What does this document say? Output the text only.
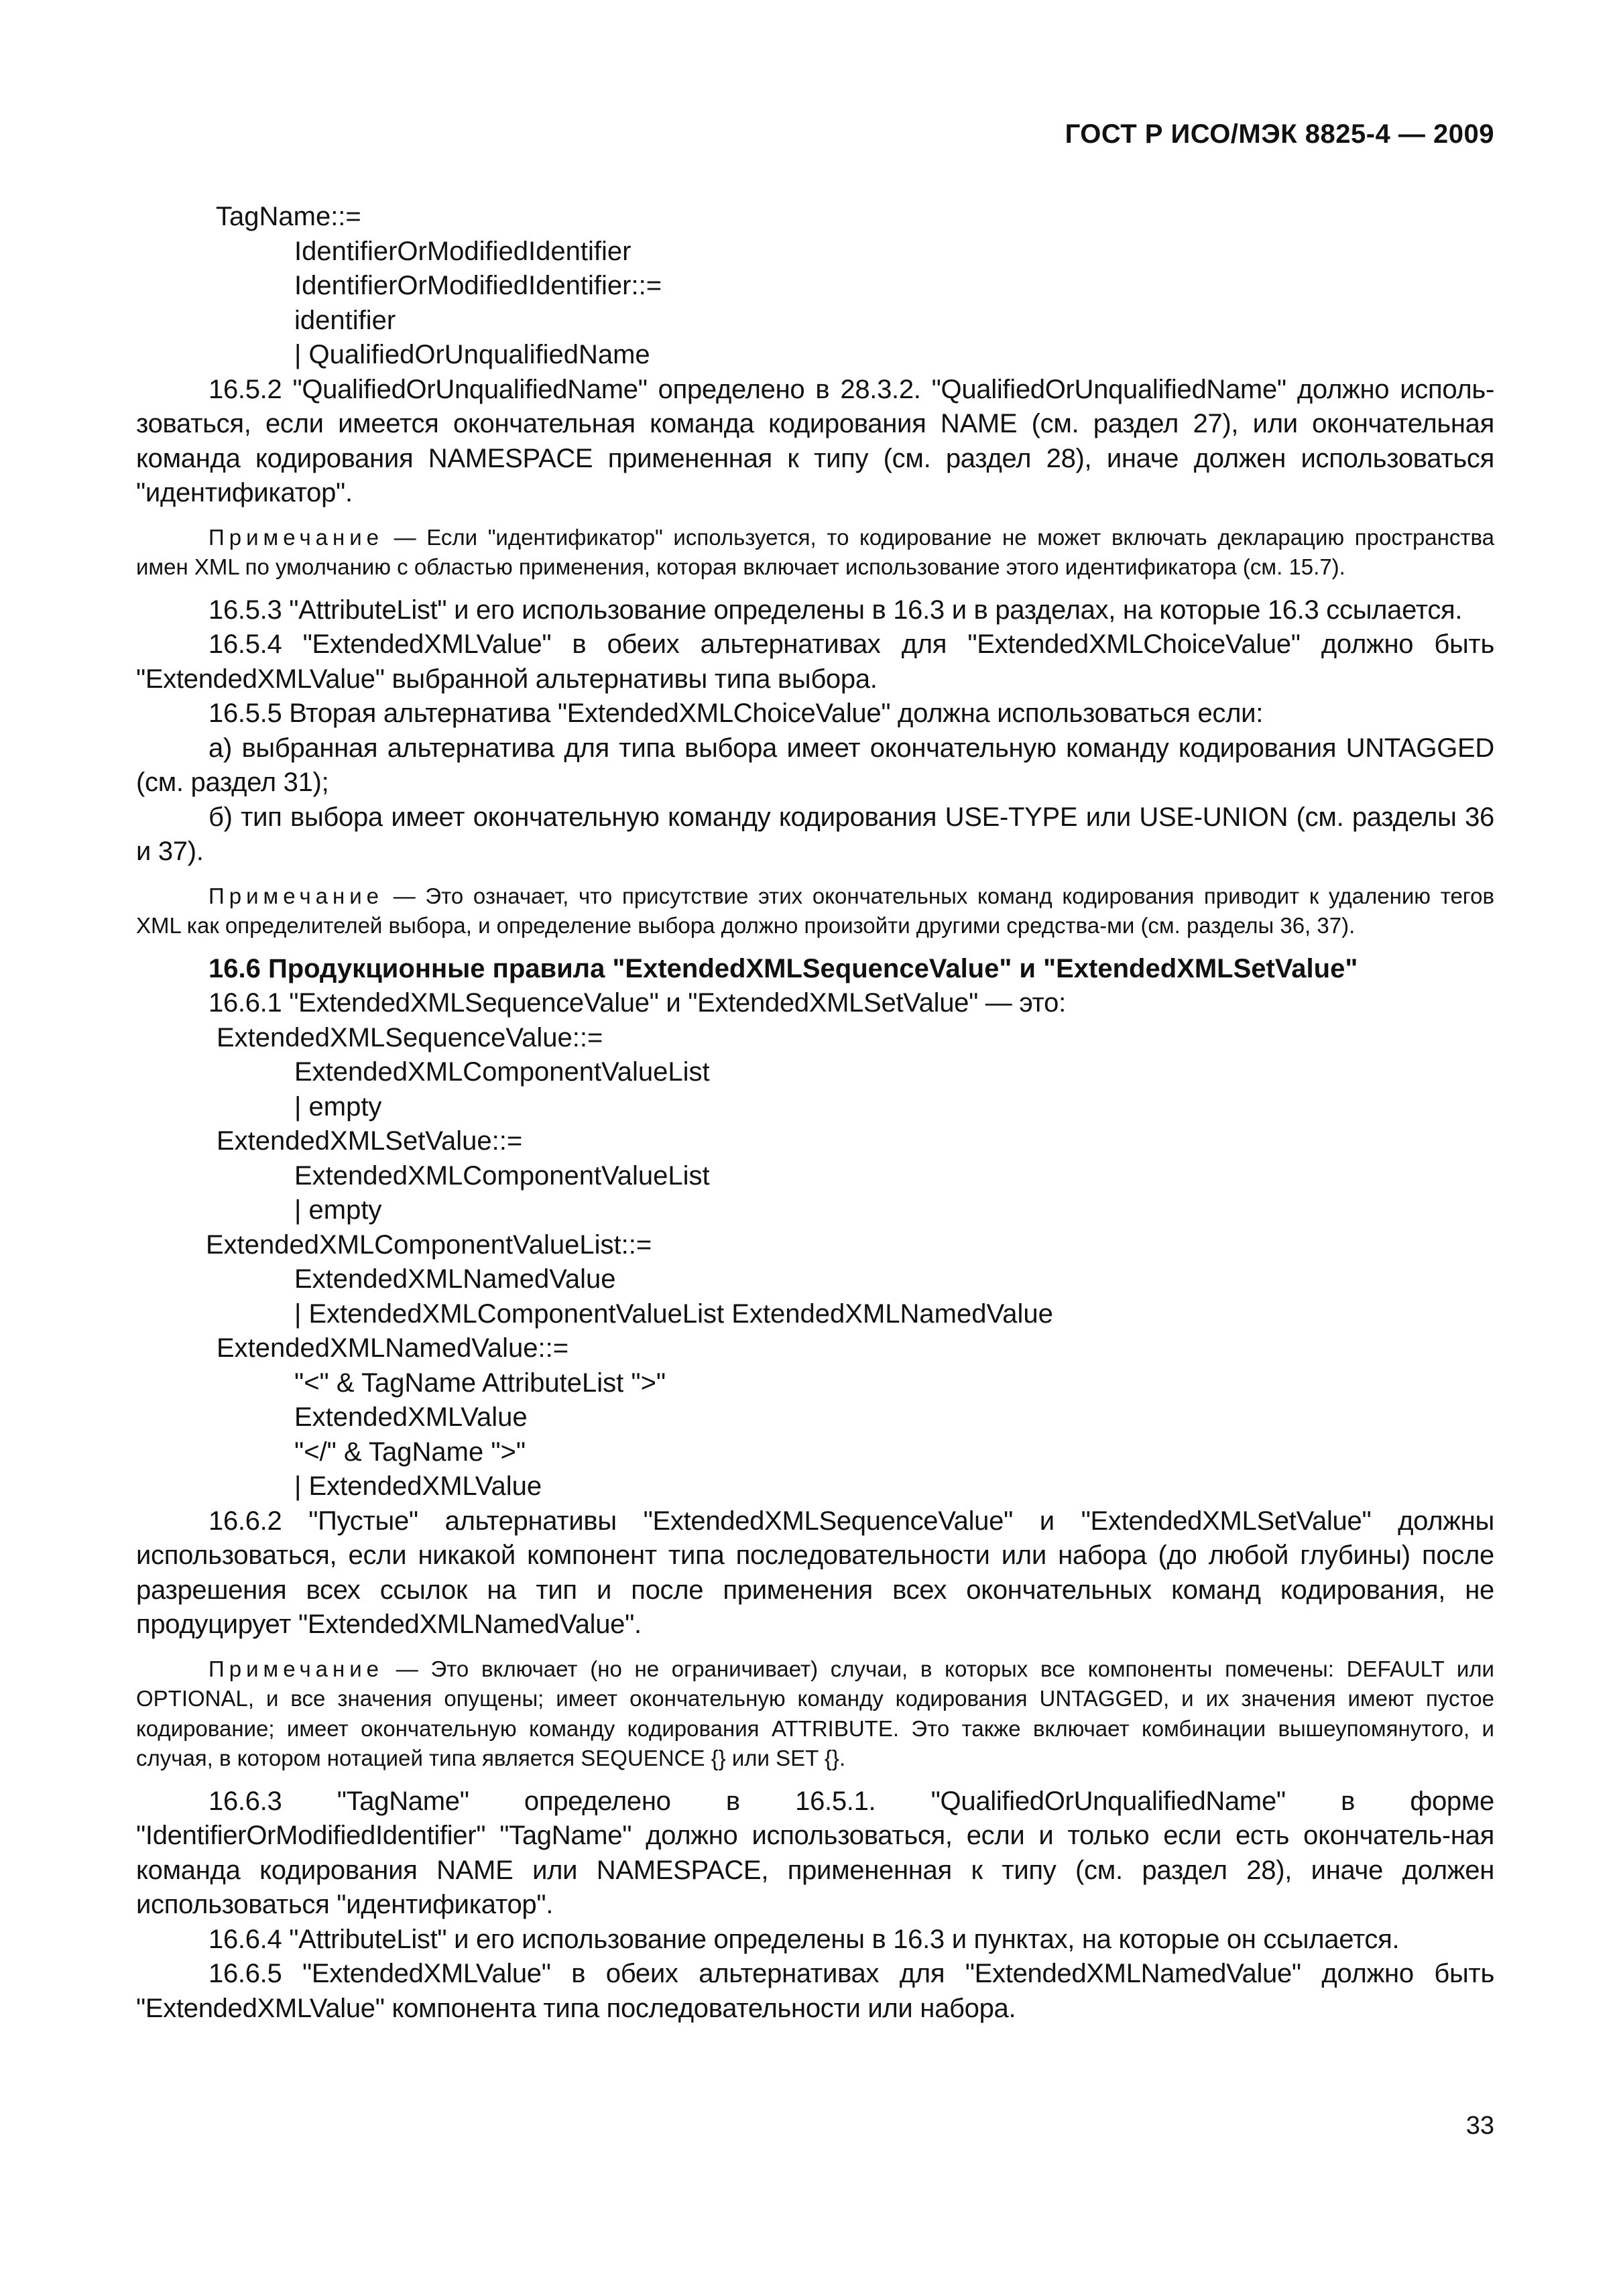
ГОСТ Р ИСО/МЭК 8825-4 — 2009
TagName::=
IdentifierOrModifiedIdentifier
IdentifierOrModifiedIdentifier::=
identifier
| QualifiedOrUnqualifiedName
16.5.2 "QualifiedOrUnqualifiedName" определено в 28.3.2. "QualifiedOrUnqualifiedName" должно исполь-зоваться, если имеется окончательная команда кодирования NAME (см. раздел 27), или окончательная команда кодирования NAMESPACE примененная к типу (см. раздел 28), иначе должен использоваться "идентификатор".
Примечание — Если "идентификатор" используется, то кодирование не может включать декларацию пространства имен XML по умолчанию с областью применения, которая включает использование этого идентификатора (см. 15.7).
16.5.3 "AttributeList" и его использование определены в 16.3 и в разделах, на которые 16.3 ссылается.
16.5.4 "ExtendedXMLValue" в обеих альтернативах для "ExtendedXMLChoiceValue" должно быть "ExtendedXMLValue" выбранной альтернативы типа выбора.
16.5.5 Вторая альтернатива "ExtendedXMLChoiceValue" должна использоваться если:
а) выбранная альтернатива для типа выбора имеет окончательную команду кодирования UNTAGGED (см. раздел 31);
б) тип выбора имеет окончательную команду кодирования USE-TYPE или USE-UNION (см. разделы 36 и 37).
Примечание — Это означает, что присутствие этих окончательных команд кодирования приводит к удалению тегов XML как определителей выбора, и определение выбора должно произойти другими средства-ми (см. разделы 36, 37).
16.6 Продукционные правила "ExtendedXMLSequenceValue" и "ExtendedXMLSetValue"
16.6.1 "ExtendedXMLSequenceValue" и "ExtendedXMLSetValue" — это:
ExtendedXMLSequenceValue::=
ExtendedXMLComponentValueList
| empty
ExtendedXMLSetValue::=
ExtendedXMLComponentValueList
| empty
ExtendedXMLComponentValueList::=
ExtendedXMLNamedValue
| ExtendedXMLComponentValueList ExtendedXMLNamedValue
ExtendedXMLNamedValue::=
"<" & TagName AttributeList ">"
ExtendedXMLValue
"</" & TagName ">"
| ExtendedXMLValue
16.6.2 "Пустые" альтернативы "ExtendedXMLSequenceValue" и "ExtendedXMLSetValue" должны использоваться, если никакой компонент типа последовательности или набора (до любой глубины) после разрешения всех ссылок на тип и после применения всех окончательных команд кодирования, не продуцирует "ExtendedXMLNamedValue".
Примечание — Это включает (но не ограничивает) случаи, в которых все компоненты помечены: DEFAULT или OPTIONAL, и все значения опущены; имеет окончательную команду кодирования UNTAGGED, и их значения имеют пустое кодирование; имеет окончательную команду кодирования ATTRIBUTE. Это также включает комбинации вышеупомянутого, и случая, в котором нотацией типа является SEQUENCE {} или SET {}.
16.6.3 "TagName" определено в 16.5.1. "QualifiedOrUnqualifiedName" в форме "IdentifierOrModifiedIdentifier" "TagName" должно использоваться, если и только если есть окончатель-ная команда кодирования NAME или NAMESPACE, примененная к типу (см. раздел 28), иначе должен использоваться "идентификатор".
16.6.4 "AttributeList" и его использование определены в 16.3 и пунктах, на которые он ссылается.
16.6.5 "ExtendedXMLValue" в обеих альтернативах для "ExtendedXMLNamedValue" должно быть "ExtendedXMLValue" компонента типа последовательности или набора.
33
